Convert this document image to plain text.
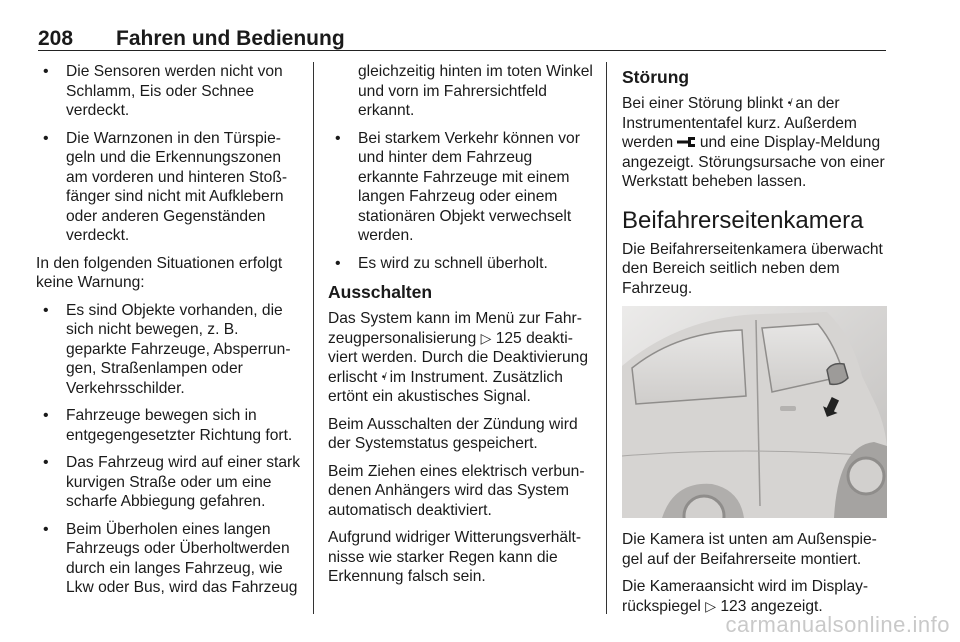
208 Fahren und Bedienung
• Die Sensoren werden nicht von Schlamm, Eis oder Schnee verdeckt.
• Die Warnzonen in den Türspiegeln und die Erkennungszonen am vorderen und hinteren Stoßfänger sind nicht mit Aufklebern oder anderen Gegenständen verdeckt.

In den folgenden Situationen erfolgt keine Warnung:

• Es sind Objekte vorhanden, die sich nicht bewegen, z. B. geparkte Fahrzeuge, Absperrungen, Straßenlampen oder Verkehrsschilder.
• Fahrzeuge bewegen sich in entgegengesetzter Richtung fort.
• Das Fahrzeug wird auf einer stark kurvigen Straße oder um eine scharfe Abbiegung gefahren.
• Beim Überholen eines langen Fahrzeugs oder Überholtwerden durch ein langes Fahrzeug, wie Lkw oder Bus, wird das Fahrzeug
gleichzeitig hinten im toten Winkel und vorn im Fahrersichtfeld erkannt.
• Bei starkem Verkehr können vor und hinter dem Fahrzeug erkannte Fahrzeuge mit einem langen Fahrzeug oder einem stationären Objekt verwechselt werden.
• Es wird zu schnell überholt.
Ausschalten

Das System kann im Menü zur Fahrzeugpersonalisierung ▷ 125 deaktiviert werden. Durch die Deaktivierung erlischt •̸ im Instrument. Zusätzlich ertönt ein akustisches Signal.

Beim Ausschalten der Zündung wird der Systemstatus gespeichert.

Beim Ziehen eines elektrisch verbundenen Anhängers wird das System automatisch deaktiviert.

Aufgrund widriger Witterungsverhältnisse wie starker Regen kann die Erkennung falsch sein.

Störung

Bei einer Störung blinkt •̸ an der Instrumententafel kurz. Außerdem werden  und eine Display-Meldung angezeigt. Störungsursache von einer Werkstatt beheben lassen.

Beifahrerseitenkamera

Die Beifahrerseitenkamera überwacht den Bereich seitlich neben dem Fahrzeug.

Die Kamera ist unten am Außenspiegel auf der Beifahrerseite montiert.

Die Kameraansicht wird im Displayrückspiegel ▷ 123 angezeigt.

carmanualsonline.info
